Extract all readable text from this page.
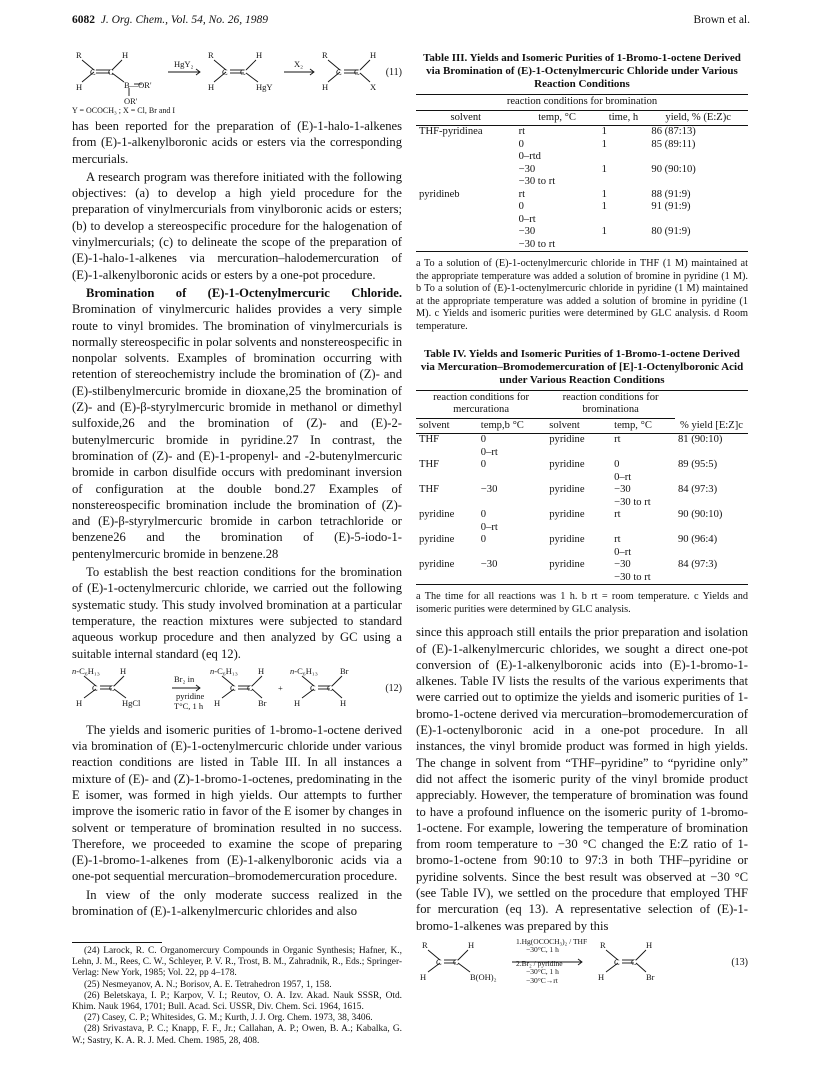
6082 J. Org. Chem., Vol. 54, No. 26, 1989	Brown et al.
R
H
C C
H
B—OR'
OR'
R
H
C C
H
HgY
R
H
C C
H
X
HgY₂	X₂
(11)
Y = OCOCH₃ ; X = Cl, Br and I

has been reported for the preparation of (E)-1-halo-1-alkenes from (E)-1-alkenylboronic acids or esters via the corresponding mercurials.

A research program was therefore initiated with the following objectives: (a) to develop a high yield procedure for the preparation of vinylmercurials from vinylboronic acids or esters; (b) to develop a stereospecific procedure for the halogenation of vinylmercurials; (c) to delineate the scope of the preparation of (E)-1-halo-1-alkenes via mercuration–halodemercuration of (E)-1-alkenylboronic acids or esters by a one-pot procedure.

Bromination of (E)-1-Octenylmercuric Chloride. Bromination of vinylmercuric halides provides a very simple route to vinyl bromides. The bromination of vinylmercurials is normally stereospecific in polar solvents and nonstereospecific in nonpolar solvents. Examples of bromination occurring with retention of stereochemistry include the bromination of (Z)- and (E)-stilbenylmercuric bromide in dioxane,25 the bromination of (Z)- and (E)-β-styrylmercuric bromide in methanol or dimethyl sulfoxide,26 and the bromination of (Z)- and (E)-2-butenylmercuric bromide in pyridine.27 In contrast, the bromination of (Z)- and (E)-1-propenyl- and -2-butenylmercuric bromide in carbon disulfide occurs with predominant inversion of configuration at the double bond.27 Examples of nonstereospecific bromination include the bromination of (Z)- and (E)-β-styrylmercuric bromide in carbon tetrachloride or benzene26 and the bromination of (E)-5-iodo-1-pentenylmercuric bromide in benzene.28

To establish the best reaction conditions for the bromination of (E)-1-octenylmercuric chloride, we carried out the following systematic study. This study involved bromination at a particular temperature, the reaction mixtures were subjected to standard aqueous workup procedure and then analyzed by GC using a suitable internal standard (eq 12).

n-C₆H₁₃ H
H
C C
HgCl
n-C₆H₁₃ H
H
C C
Br
+
n-C₆H₁₃	Br
H
C C
H
Br₂ in
pyridine
T°C, 1 h
(12)

The yields and isomeric purities of 1-bromo-1-octene derived via bromination of (E)-1-octenylmercuric chloride under various reaction conditions are listed in Table III. In all instances a mixture of (E)- and (Z)-1-bromo-1-octenes, predominating in the E isomer, was formed in high yields. Our attempts to further improve the isomeric ratio in favor of the E isomer by changes in solvent or temperature of bromination resulted in no success. Therefore, we proceeded to examine the scope of preparing (E)-1-bromo-1-alkenes from (E)-1-alkenylboronic acids via a one-pot sequential mercuration–bromodemercuration procedure.

In view of the only moderate success realized in the bromination of (E)-1-alkenylmercuric chlorides and also

(24) Larock, R. C. Organomercury Compounds in Organic Synthesis; Hafner, K., Lehn, J. M., Rees, C. W., Schleyer, P. V. R., Trost, B. M., Zahradnik, R., Eds.; Springer-Verlag: New York, 1985; Vol. 22, pp 4–178.

(25) Nesmeyanov, A. N.; Borisov, A. E. Tetrahedron 1957, 1, 158.

(26) Beletskaya, I. P.; Karpov, V. I.; Reutov, O. A. Izv. Akad. Nauk SSSR, Otd. Khim. Nauk 1964, 1701; Bull. Acad. Sci. USSR, Div. Chem. Sci. 1964, 1615.

(27) Casey, C. P.; Whitesides, G. M.; Kurth, J. J. Org. Chem. 1973, 38, 3406.

(28) Srivastava, P. C.; Knapp, F. F., Jr.; Callahan, A. P.; Owen, B. A.; Kabalka, G. W.; Sastry, K. A. R. J. Med. Chem. 1985, 28, 408.

Table III. Yields and Isomeric Purities of 1-Bromo-1-octene Derived via Bromination of (E)-1-Octenylmercuric Chloride under Various Reaction Conditions
reaction conditions for bromination			
solvent	temp, °C	time, h	yield, % (E:Z)c
THF-pyridinea	rt	1	86 (87:13)
	0	1	85 (89:11)
	0–rtd		
	−30	1	90 (90:10)
	−30 to rt		
pyridineb	rt	1	88 (91:9)
	0	1	91 (91:9)
	0–rt		
	−30	1	80 (91:9)
	−30 to rt		
a To a solution of (E)-1-octenylmercuric chloride in THF (1 M) maintained at the appropriate temperature was added a solution of bromine in pyridine (1 M). b To a solution of (E)-1-octenylmercuric chloride in pyridine (1 M) maintained at the appropriate temperature was added a solution of bromine in pyridine (1 M). c Yields and isomeric purities were determined by GLC analysis. d Room temperature.
Table IV. Yields and Isomeric Purities of 1-Bromo-1-octene Derived via Mercuration–Bromodemercuration of [E]-1-Octenylboronic Acid under Various Reaction Conditions
reaction conditions for mercurationa		reaction conditions for brominationa		% yield [E:Z]c
solvent	temp,b °C	solvent	temp, °C	
THF	0	pyridine	rt	81 (90:10)
	0–rt			
THF	0	pyridine	0	89 (95:5)
			0–rt	
THF	−30	pyridine	−30	84 (97:3)
			−30 to rt	
pyridine	0	pyridine	rt	90 (90:10)
	0–rt			
pyridine	0	pyridine	rt	90 (96:4)
			0–rt	
pyridine	−30	pyridine	−30	84 (97:3)
			−30 to rt	
a The time for all reactions was 1 h. b rt = room temperature. c Yields and isomeric purities were determined by GLC analysis.

since this approach still entails the prior preparation and isolation of (E)-1-alkenylmercuric chlorides, we sought a direct one-pot conversion of (E)-1-alkenylboronic acids into (E)-1-bromo-1-alkenes. Table IV lists the results of the various experiments that were carried out to optimize the yields and isomeric purities of 1-bromo-1-octene derived via mercuration–bromodemercuration of (E)-1-octenylboronic acid in a one-pot procedure. In all instances, the vinyl bromide product was formed in high yields. The change in solvent from “THF–pyridine” to “pyridine only” did not affect the isomeric purity of the vinyl bromide product appreciably. However, the temperature of bromination was found to have a profound influence on the isomeric purity of 1-bromo-1-octene. For example, lowering the temperature of bromination from room temperature to −30 °C changed the E:Z ratio of 1-bromo-1-octene from 90:10 to 97:3 in both THF–pyridine or pyridine solvents. Since the best result was observed at −30 °C (see Table IV), we settled on the procedure that employed THF for mercuration (eq 13). A representative selection of (E)-1-bromo-1-alkenes was prepared by this

R	H
H
C C
B(OH)₂
R	H
H
C C
Br
1.Hg(OCOCH₃)₂ / THF
−30°C, 1 h
2.Br₂ / pyridine
−30°C, 1 h
−30°C→rt
(13)
